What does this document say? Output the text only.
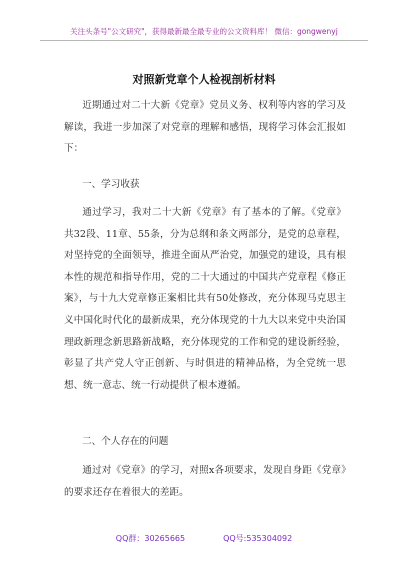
关注头条号"公文研究"，获得最新最全最专业的公文资料库！ 微信：gongwenyj
对照新党章个人检视剖析材料
近期通过对二十大新《党章》党员义务、权利等内容的学习及解读，我进一步加深了对党章的理解和感悟，现将学习体会汇报如下：
一、学习收获
通过学习，我对二十大新《党章》有了基本的了解。《党章》共32段、11章、55条，分为总纲和条文两部分，是党的总章程，对坚持党的全面领导，推进全面从严治党，加强党的建设，具有根本性的规范和指导作用，党的二十大通过的中国共产党章程《修正案》，与十九大党章修正案相比共有50处修改，充分体现马克思主义中国化时代化的最新成果，充分体现党的十九大以来党中央治国理政新理念新思路新战略，充分体现党的工作和党的建设新经验，彰显了共产党人守正创新、与时俱进的精神品格，为全党统一思想、统一意志、统一行动提供了根本遵循。
二、个人存在的问题
通过对《党章》的学习，对照x各项要求，发现自身距《党章》的要求还存在着很大的差距。
QQ群：30265665	QQ号:535304092
